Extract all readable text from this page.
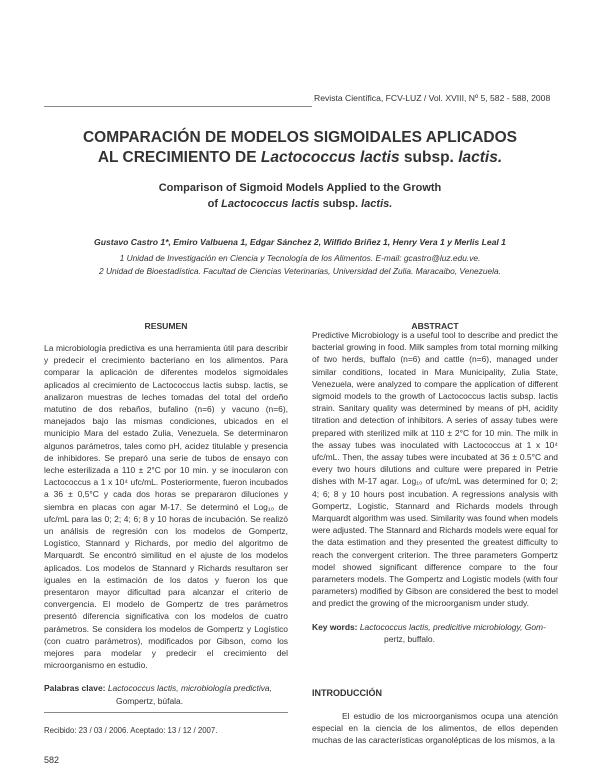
Revista Científica, FCV-LUZ / Vol. XVIII, Nº 5, 582 - 588, 2008
COMPARACIÓN DE MODELOS SIGMOIDALES APLICADOS
AL CRECIMIENTO DE Lactococcus lactis subsp. lactis.
Comparison of Sigmoid Models Applied to the Growth
of Lactococcus lactis subsp. lactis.
Gustavo Castro 1*, Emiro Valbuena 1, Edgar Sánchez 2, Wilfido Briñez 1, Henry Vera 1 y Merlis Leal 1
1 Unidad de Investigación en Ciencia y Tecnología de los Alimentos. E-mail: gcastro@luz.edu.ve.
2 Unidad de Bioestadística. Facultad de Ciencias Veterinarias, Universidad del Zulia. Maracaibo, Venezuela.
RESUMEN	ABSTRACT
La microbiología predictiva es una herramienta útil para describir y predecir el crecimiento bacteriano en los alimentos. Para comparar la aplicación de diferentes modelos sigmoidales aplicados al crecimiento de Lactococcus lactis subsp. lactis, se analizaron muestras de leches tomadas del total del ordeño matutino de dos rebaños, bufalino (n=6) y vacuno (n=6), manejados bajo las mismas condiciones, ubicados en el municipio Mara del estado Zulia, Venezuela. Se determinaron algunos parámetros, tales como pH, acidez titulable y presencia de inhibidores. Se preparó una serie de tubos de ensayo con leche esterilizada a 110 ± 2°C por 10 min. y se inocularon con Lactococcus a 1 x 10⁴ ufc/mL. Posteriormente, fueron incubados a 36 ± 0,5°C y cada dos horas se prepararon diluciones y siembra en placas con agar M-17. Se determinó el Log₁₀ de ufc/mL para las 0; 2; 4; 6; 8 y 10 horas de incubación. Se realizó un análisis de regresión con los modelos de Gompertz, Logístico, Stannard y Richards, por medio del algoritmo de Marquardt. Se encontró similitud en el ajuste de los modelos aplicados. Los modelos de Stannard y Richards resultaron ser iguales en la estimación de los datos y fueron los que presentaron mayor dificultad para alcanzar el criterio de convergencia. El modelo de Gompertz de tres parámetros presentó diferencia significativa con los modelos de cuatro parámetros. Se considera los modelos de Gompertz y Logístico (con cuatro parámetros), modificados por Gibson, como los mejores para modelar y predecir el crecimiento del microorganismo en estudio.
Palabras clave: Lactococcus lactis, microbiología predictiva,
Gompertz, búfala.
Predictive Microbiology is a useful tool to describe and predict the bacterial growing in food. Milk samples from total morning milking of two herds, buffalo (n=6) and cattle (n=6), managed under similar conditions, located in Mara Municipality, Zulia State, Venezuela, were analyzed to compare the application of different sigmoid models to the growth of Lactococcus lactis subsp. lactis strain. Sanitary quality was determined by means of pH, acidity titration and detection of inhibitors. A series of assay tubes were prepared with sterilized milk at 110 ± 2°C for 10 min. The milk in the assay tubes was inoculated with Lactococcus at 1 x 10⁴ ufc/mL. Then, the assay tubes were incubated at 36 ± 0.5°C and every two hours dilutions and culture were prepared in Petrie dishes with M-17 agar. Log₁₀ of ufc/mL was determined for 0; 2; 4; 6; 8 y 10 hours post incubation. A regressions analysis with Gompertz, Logistic, Stannard and Richards models through Marquardt algorithm was used. Similarity was found when models were adjusted. The Stannard and Richards models were equal for the data estimation and they presented the greatest difficulty to reach the convergent criterion. The three parameters Gompertz model showed significant difference compare to the four parameters models. The Gompertz and Logistic models (with four parameters) modified by Gibson are considered the best to model and predict the growing of the microorganism under study.
Key words: Lactococcus lactis, predicitive microbiology, Gom-
pertz, buffalo.
Recibido: 23 / 03 / 2006. Aceptado: 13 / 12 / 2007.
INTRODUCCIÓN
El estudio de los microorganismos ocupa una atención especial en la ciencia de los alimentos, de ellos dependen muchas de las características organolépticas de los mismos, a la
582
